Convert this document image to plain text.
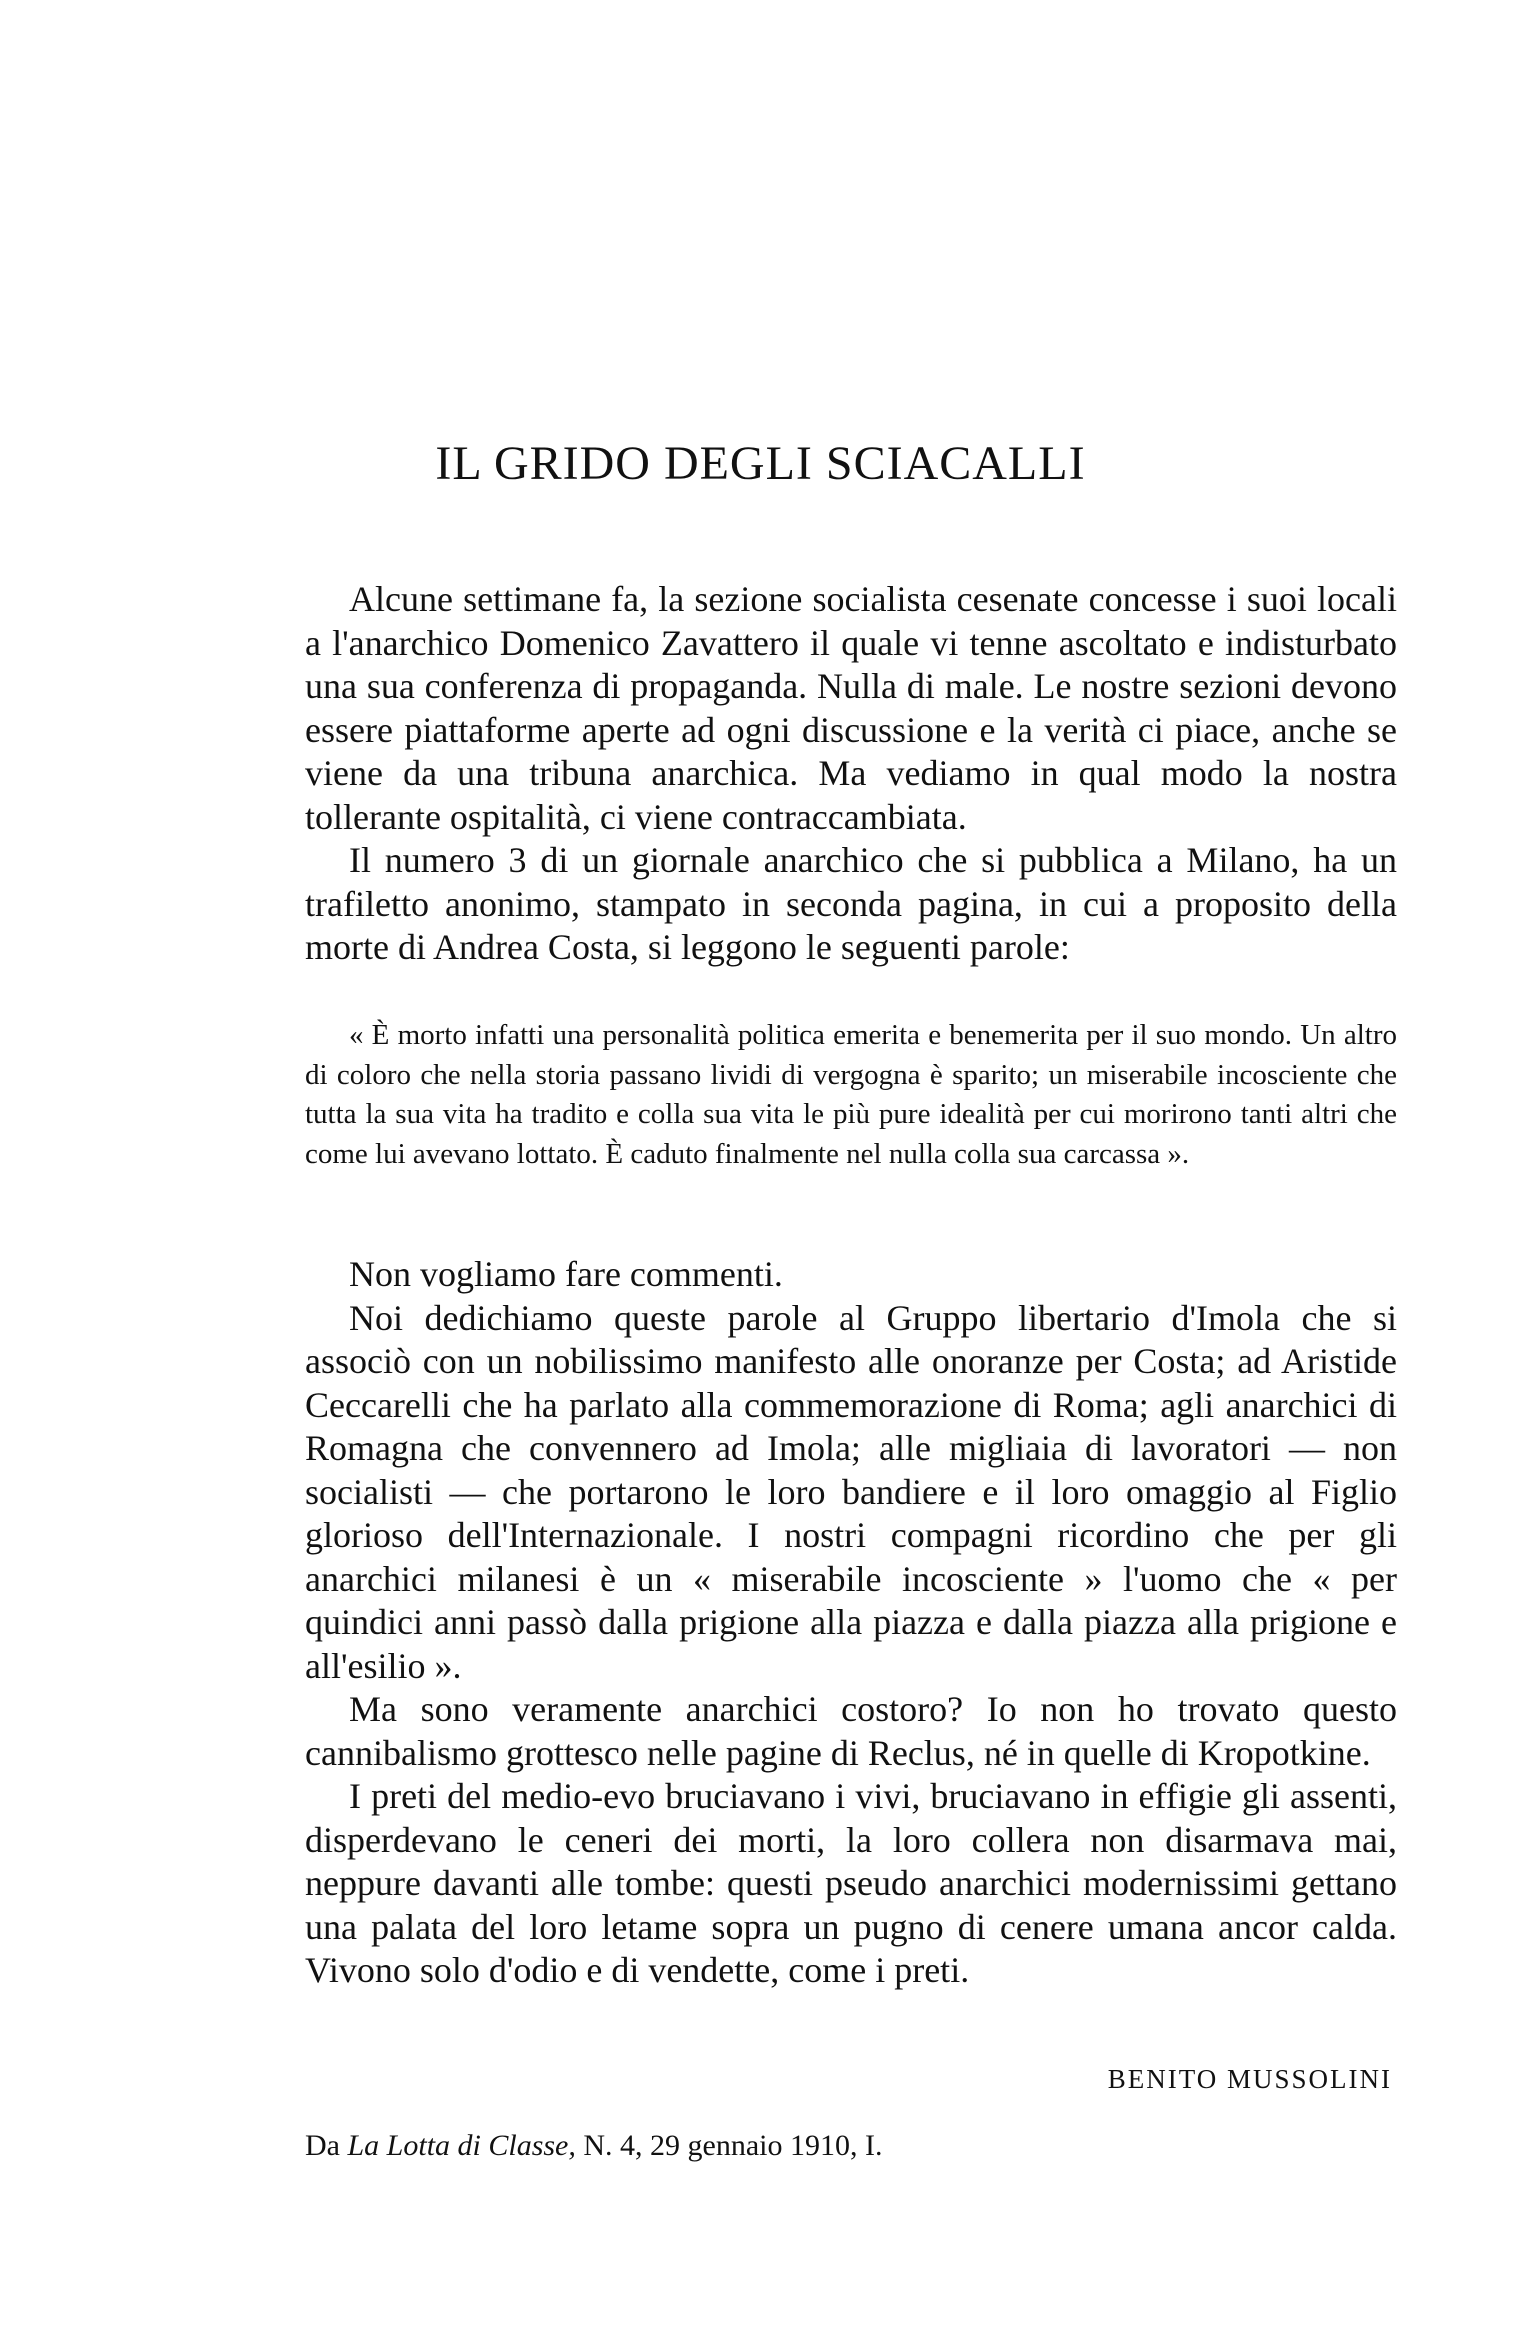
IL GRIDO DEGLI SCIACALLI

Alcune settimane fa, la sezione socialista cesenate concesse i suoi locali a l'anarchico Domenico Zavattero il quale vi tenne ascoltato e indisturbato una sua conferenza di propaganda. Nulla di male. Le nostre sezioni devono essere piattaforme aperte ad ogni discussione e la verità ci piace, anche se viene da una tribuna anarchica. Ma vediamo in qual modo la nostra tollerante ospitalità, ci viene contraccambiata.

Il numero 3 di un giornale anarchico che si pubblica a Milano, ha un trafiletto anonimo, stampato in seconda pagina, in cui a proposito della morte di Andrea Costa, si leggono le seguenti parole:

« È morto infatti una personalità politica emerita e benemerita per il suo mondo. Un altro di coloro che nella storia passano lividi di vergogna è sparito; un miserabile incosciente che tutta la sua vita ha tradito e colla sua vita le più pure idealità per cui morirono tanti altri che come lui avevano lottato. È caduto finalmente nel nulla colla sua carcassa ».

Non vogliamo fare commenti.

Noi dedichiamo queste parole al Gruppo libertario d'Imola che si associò con un nobilissimo manifesto alle onoranze per Costa; ad Aristide Ceccarelli che ha parlato alla commemorazione di Roma; agli anarchici di Romagna che convennero ad Imola; alle migliaia di lavoratori — non socialisti — che portarono le loro bandiere e il loro omaggio al Figlio glorioso dell'Internazionale. I nostri compagni ricordino che per gli anarchici milanesi è un « miserabile incosciente » l'uomo che « per quindici anni passò dalla prigione alla piazza e dalla piazza alla prigione e all'esilio ».

Ma sono veramente anarchici costoro? Io non ho trovato questo cannibalismo grottesco nelle pagine di Reclus, né in quelle di Kropotkine.

I preti del medio-evo bruciavano i vivi, bruciavano in effigie gli assenti, disperdevano le ceneri dei morti, la loro collera non disarmava mai, neppure davanti alle tombe: questi pseudo anarchici modernissimi gettano una palata del loro letame sopra un pugno di cenere umana ancor calda. Vivono solo d'odio e di vendette, come i preti.

BENITO MUSSOLINI

Da La Lotta di Classe, N. 4, 29 gennaio 1910, I.
